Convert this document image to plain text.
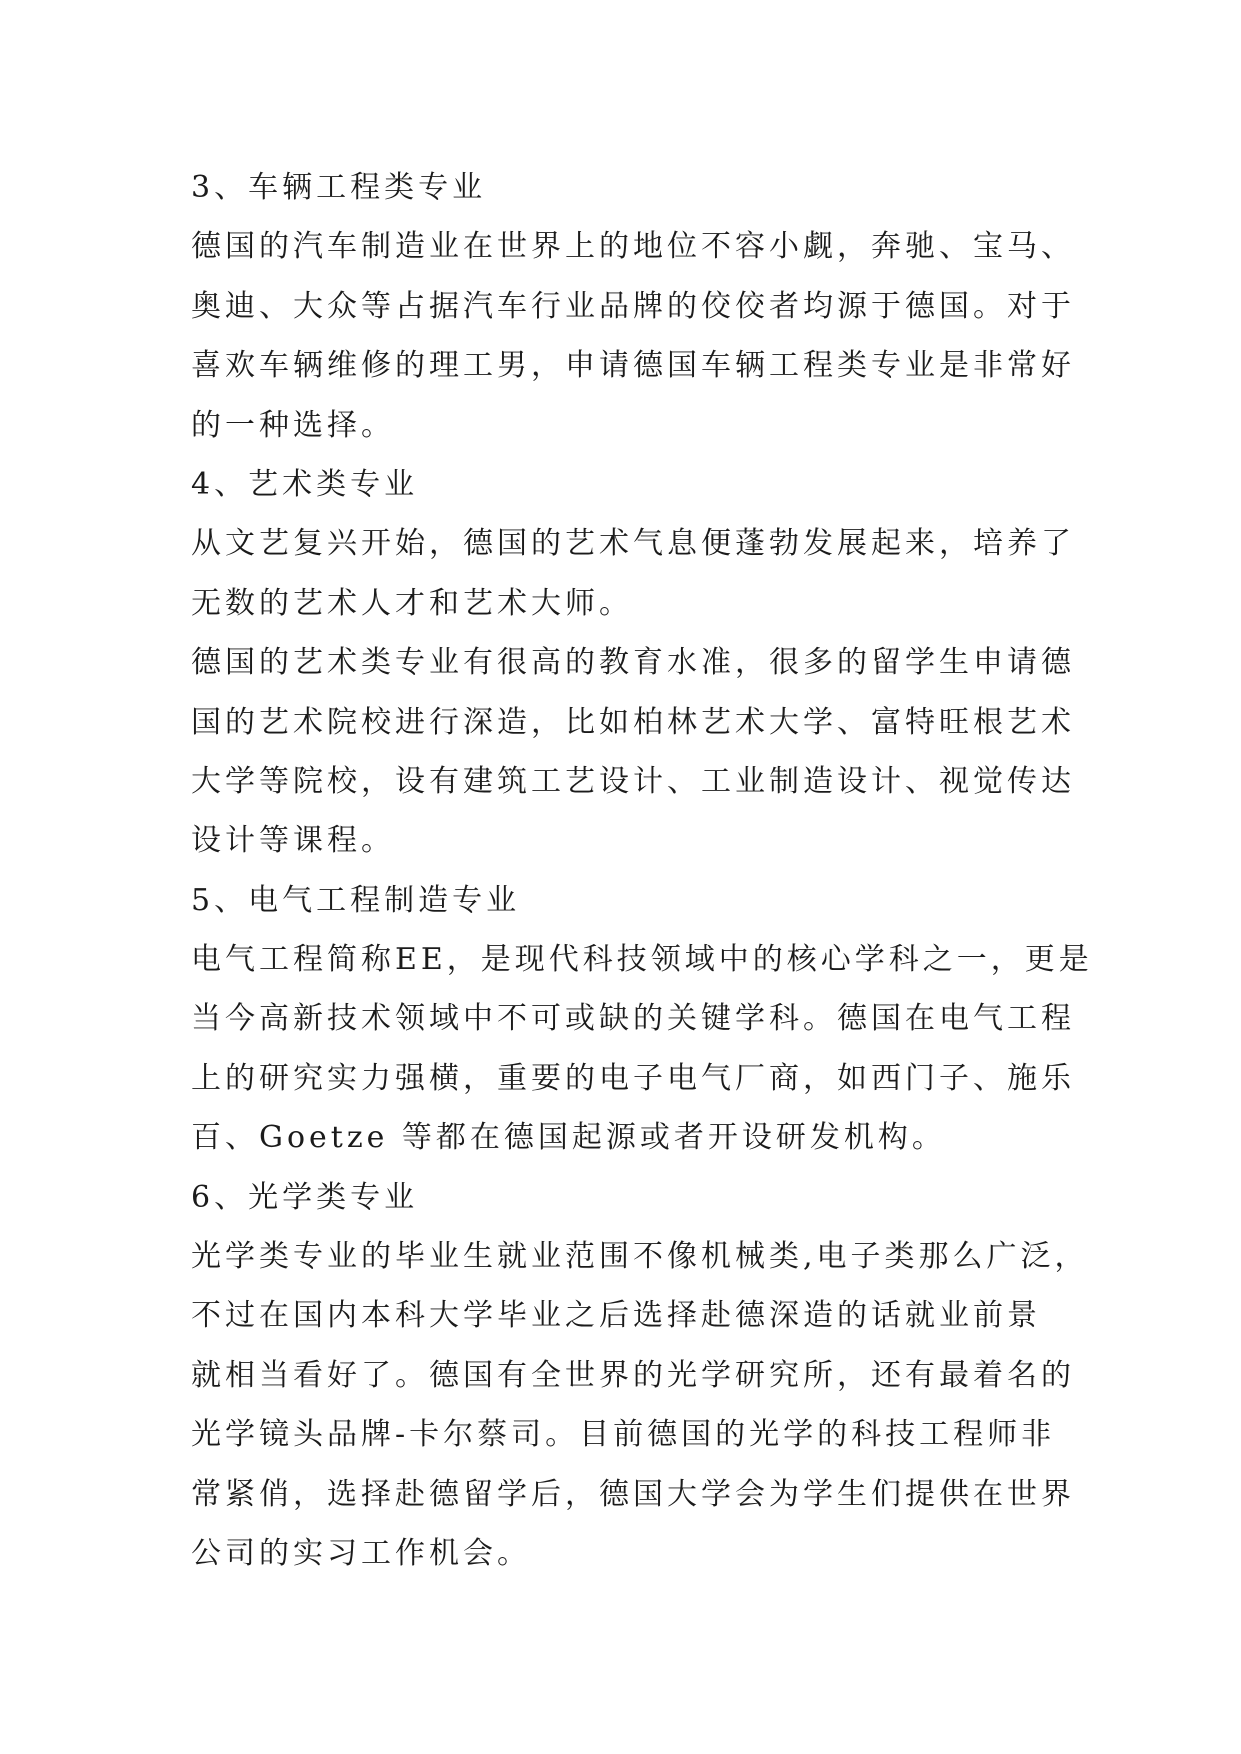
3、车辆工程类专业
德国的汽车制造业在世界上的地位不容小觑，奔驰、宝马、
奥迪、大众等占据汽车行业品牌的佼佼者均源于德国。对于
喜欢车辆维修的理工男，申请德国车辆工程类专业是非常好
的一种选择。
4、艺术类专业
从文艺复兴开始，德国的艺术气息便蓬勃发展起来，培养了
无数的艺术人才和艺术大师。
德国的艺术类专业有很高的教育水准，很多的留学生申请德
国的艺术院校进行深造，比如柏林艺术大学、富特旺根艺术
大学等院校，设有建筑工艺设计、工业制造设计、视觉传达
设计等课程。
5、电气工程制造专业
电气工程简称EE，是现代科技领域中的核心学科之一，更是
当今高新技术领域中不可或缺的关键学科。德国在电气工程
上的研究实力强横，重要的电子电气厂商，如西门子、施乐
百、Goetze 等都在德国起源或者开设研发机构。
6、光学类专业
光学类专业的毕业生就业范围不像机械类,电子类那么广泛，
不过在国内本科大学毕业之后选择赴德深造的话就业前景
就相当看好了。德国有全世界的光学研究所，还有最着名的
光学镜头品牌-卡尔蔡司。目前德国的光学的科技工程师非
常紧俏，选择赴德留学后，德国大学会为学生们提供在世界
公司的实习工作机会。
